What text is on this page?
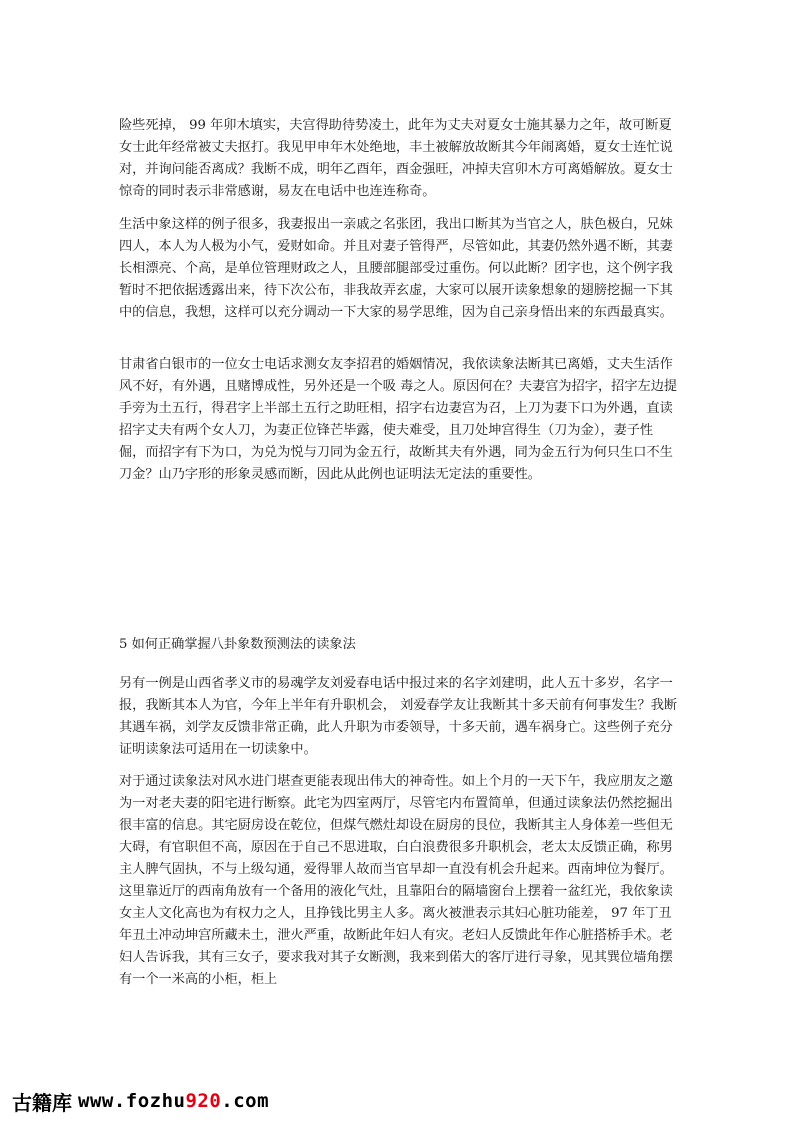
险些死掉， 99 年卯木填实，夫宫得助待势凌土，此年为丈夫对夏女士施其暴力之年，故可断夏女士此年经常被丈夫抠打。我见甲申年木处绝地，丰土被解放故断其今年闹离婚，夏女士连忙说对，并询问能否离成？我断不成，明年乙酉年，酉金强旺，冲掉夫宫卯木方可离婚解放。夏女士惊奇的同时表示非常感谢，易友在电话中也连连称奇。

生活中象这样的例子很多，我妻报出一亲戚之名张团，我出口断其为当官之人，肤色极白，兄妹四人，本人为人极为小气，爱财如命。并且对妻子管得严，尽管如此，其妻仍然外遇不断，其妻长相漂亮、个高，是单位管理财政之人，且腰部腿部受过重伤。何以此断？团字也，这个例字我暂时不把依据透露出来，待下次公布，非我故弄玄虚，大家可以展开读象想象的翅膀挖掘一下其中的信息，我想，这样可以充分调动一下大家的易学思维，因为自己亲身悟出来的东西最真实。

甘肃省白银市的一位女士电话求测女友李招君的婚姻情况，我依读象法断其已离婚，丈夫生活作风不好，有外遇，且赌博成性，另外还是一个吸 毒之人。原因何在？夫妻宫为招字，招字左边提手旁为土五行，得君字上半部土五行之助旺相，招字右边妻宫为召，上刀为妻下口为外遇，直读招字丈夫有两个女人刀，为妻正位锋芒毕露，使夫难受，且刀处坤宫得生（刀为金），妻子性倔，而招字有下为口，为兑为悦与刀同为金五行，故断其夫有外遇，同为金五行为何只生口不生刀金？山乃字形的形象灵感而断，因此从此例也证明法无定法的重要性。

5 如何正确掌握八卦象数预测法的读象法

另有一例是山西省孝义市的易魂学友刘爱春电话中报过来的名字刘建明，此人五十多岁，名字一报，我断其本人为官，今年上半年有升职机会， 刘爱春学友让我断其十多天前有何事发生？我断其遇车祸，刘学友反馈非常正确，此人升职为市委领导，十多天前，遇车祸身亡。这些例子充分证明读象法可适用在一切读象中。

对于通过读象法对风水进门堪查更能表现出伟大的神奇性。如上个月的一天下午，我应朋友之邀为一对老夫妻的阳宅进行断察。此宅为四室两厅，尽管宅内布置简单，但通过读象法仍然挖掘出很丰富的信息。其宅厨房设在乾位，但煤气燃灶却设在厨房的艮位，我断其主人身体差一些但无大碍，有官职但不高，原因在于自己不思进取，白白浪费很多升职机会，老太太反馈正确，称男主人脾气固执，不与上级勾通，爱得罪人故而当官早却一直没有机会升起来。西南坤位为餐厅。这里靠近厅的西南角放有一个备用的液化气灶，且靠阳台的隔墙窗台上摆着一盆红光，我依象读女主人文化高也为有权力之人，且挣钱比男主人多。离火被泄表示其妇心脏功能差， 97 年丁丑年丑土冲动坤宫所藏未土，泄火严重，故断此年妇人有灾。老妇人反馈此年作心脏搭桥手术。老妇人告诉我，其有三女子，要求我对其子女断测，我来到偌大的客厅进行寻象，见其巽位墙角摆有一个一米高的小柜，柜上

古籍库 www.fozhu920.com
